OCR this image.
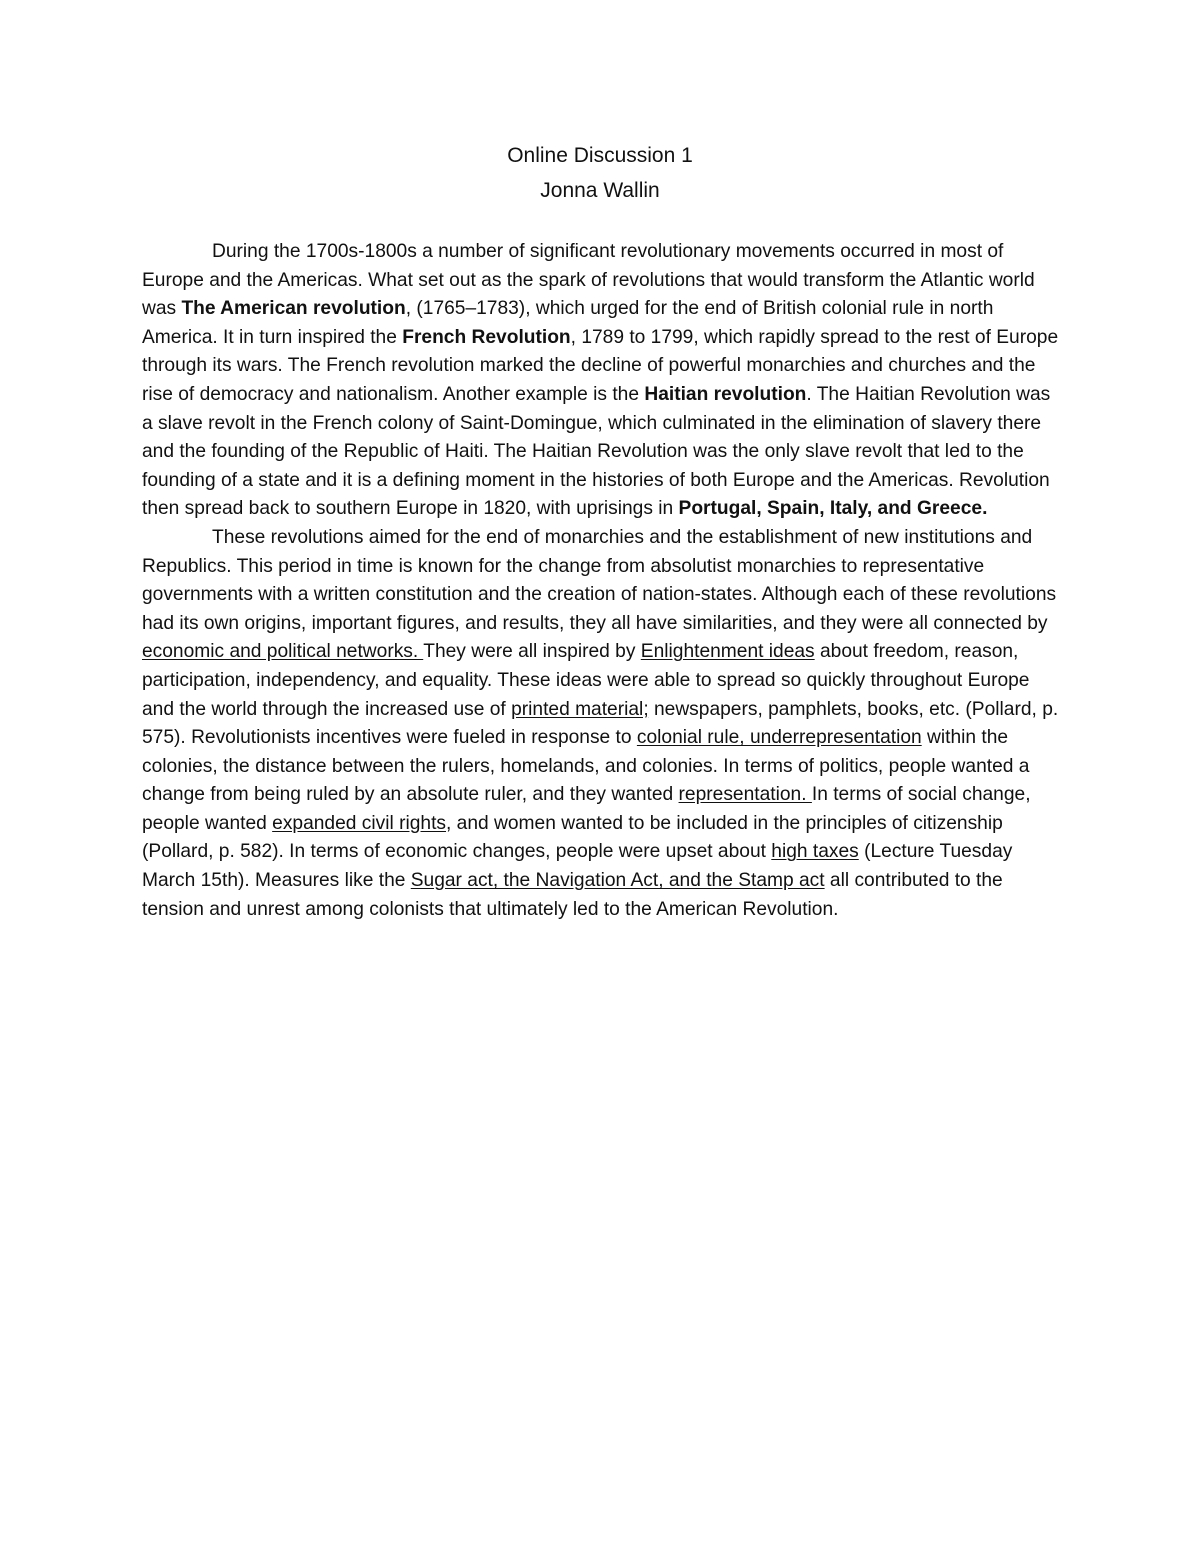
Online Discussion 1
Jonna Wallin

During the 1700s-1800s a number of significant revolutionary movements occurred in most of Europe and the Americas. What set out as the spark of revolutions that would transform the Atlantic world was The American revolution, (1765–1783), which urged for the end of British colonial rule in north America. It in turn inspired the French Revolution, 1789 to 1799, which rapidly spread to the rest of Europe through its wars. The French revolution marked the decline of powerful monarchies and churches and the rise of democracy and nationalism. Another example is the Haitian revolution. The Haitian Revolution was a slave revolt in the French colony of Saint-Domingue, which culminated in the elimination of slavery there and the founding of the Republic of Haiti. The Haitian Revolution was the only slave revolt that led to the founding of a state and it is a defining moment in the histories of both Europe and the Americas. Revolution then spread back to southern Europe in 1820, with uprisings in Portugal, Spain, Italy, and Greece.

These revolutions aimed for the end of monarchies and the establishment of new institutions and Republics. This period in time is known for the change from absolutist monarchies to representative governments with a written constitution and the creation of nation-states. Although each of these revolutions had its own origins, important figures, and results, they all have similarities, and they were all connected by economic and political networks. They were all inspired by Enlightenment ideas about freedom, reason, participation, independency, and equality. These ideas were able to spread so quickly throughout Europe and the world through the increased use of printed material; newspapers, pamphlets, books, etc. (Pollard, p. 575). Revolutionists incentives were fueled in response to colonial rule, underrepresentation within the colonies, the distance between the rulers, homelands, and colonies. In terms of politics, people wanted a change from being ruled by an absolute ruler, and they wanted representation. In terms of social change, people wanted expanded civil rights, and women wanted to be included in the principles of citizenship (Pollard, p. 582). In terms of economic changes, people were upset about high taxes (Lecture Tuesday March 15th). Measures like the Sugar act, the Navigation Act, and the Stamp act all contributed to the tension and unrest among colonists that ultimately led to the American Revolution.
